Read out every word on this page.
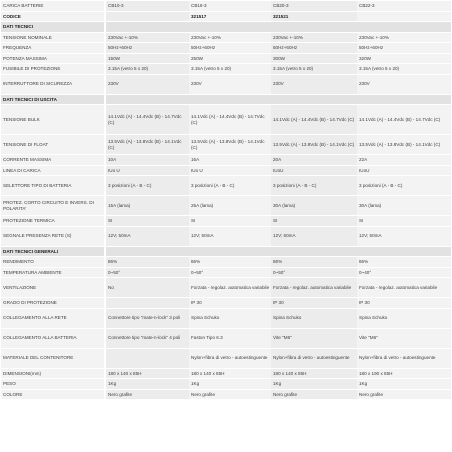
CARICA BATTERIE	CB10-3	CB16-3	CB20-3	CB22-3
CODICE		321517	321521	
DATI TECNICI				
TENSIONE NOMINALE	230Vac +-10%	230Vac +-10%	230Vac +-10%	230Vac +-10%
FREQUENZA	50Hz+60Hz	50Hz+60Hz	50Hz+60Hz	50Hz+60Hz
POTENZA MASSIMA	150W	250W	300W	320W
FUSIBILE DI PROTEZIONE	3.15A (vetro 5 x 20)	3.15A (vetro 5 x 20)	3.15A (vetro 5 x 20)	3.15A (vetro 5 x 20)
INTERRUTTORE DI SICUREZZA	230V	230V	230V	230V
DATI TECNICI DI USCITA				
TENSIONE BULK	14.1Vdc (A) - 14.4Vdc (B) - 14.7Vdc (C)	14.1Vdc (A) - 14.4Vdc (B) - 14.7Vdc (C)	14.1Vdc (A) - 14.4Vdc (B) - 14.7Vdc (C)	14.1Vdc (A) - 14.4Vdc (B) - 14.7Vdc (C)
TENSIONE DI FLOAT	13.5Vdc (A) - 13.8Vdc (B) - 14.1Vdc (C)	13.5Vdc (A) - 13.8Vdc (B) - 14.1Vdc (C)	13.5Vdc (A) - 13.8Vdc (B) - 14.1Vdc (C)	13.5Vdc (A) - 13.8Vdc (B) - 14.1Vdc (C)
CORRENTE MASSIMA	10A	16A	20A	22A
LINEA DI CARICA	IUo U	IUo U	IUoU	IUoU
SELETTORE TIPO DI BATTERIA	3 posizioni (A - B - C)	3 posizioni (A - B - C)	3 posizioni (A - B - C)	3 posizioni (A - B - C)
PROTEZ. CORTO CIRCUITO E INVERS. DI POLARITA'	15A (lama)	25A (lama)	30A (lama)	30A (lama)
PROTEZIONE TERMICA	SI	SI	SI	SI
SEGNALE PRESENZA RETE (S)	12V; 50mA	12V; 50mA	12V; 50mA	12V; 50mA
DATI TECNICI GENERALI				
RENDIMENTO	86%	86%	86%	86%
TEMPERATURA AMBIENTE	0~50°	0~50°	0~50°	0~40°
VENTILAZIONE	No	Forzata - regolaz. automatica variabile	Forzata - regolaz. automatica variabile	Forzata - regolaz. automatica variabile
GRADO DI PROTEZIONE		IP 30	IP 30	IP 30
COLLEGAMENTO ALLA RETE	Connettore tipo "mate-n-lock" 3 poli	Spina Schuko	Spina Schuko	Spina Schuko
COLLEGAMENTO ALLA BATTERIA	Connettore tipo "mate-n-lock" 4 poli	Faston Tipo 6.3	Vite "M6"	Vite "M6"
MATERIALE DEL CONTENITORE		Nylon+fibra di vetro - autoestinguente	Nylon+fibra di vetro - autoestinguente	Nylon+fibra di vetro - autoestinguente
DIMENSIONI(mm)	180 x 140 x 85H	180 x 140 x 85H	180 x 140 x 85H	180 x 190 x 85H
PESO	1Kg	1Kg	1Kg	1Kg
COLORE	Nero grafite	Nero grafite	Nero grafite	Nero grafite
